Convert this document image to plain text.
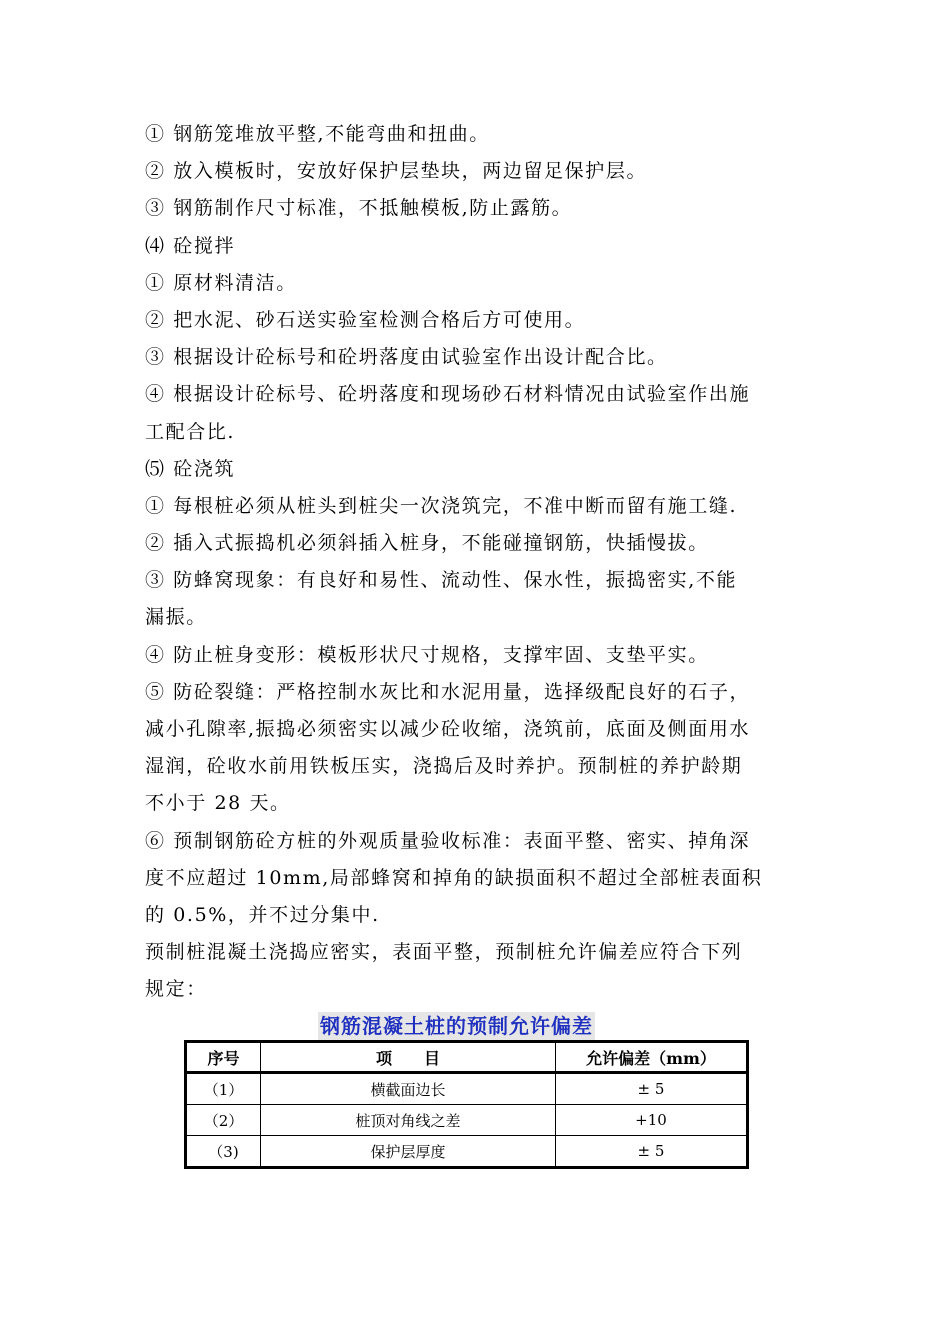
① 钢筋笼堆放平整,不能弯曲和扭曲。
② 放入模板时，安放好保护层垫块，两边留足保护层。
③ 钢筋制作尺寸标准，不抵触模板,防止露筋。
⑷ 砼搅拌
① 原材料清洁。
② 把水泥、砂石送实验室检测合格后方可使用。
③ 根据设计砼标号和砼坍落度由试验室作出设计配合比。
④ 根据设计砼标号、砼坍落度和现场砂石材料情况由试验室作出施
工配合比.
⑸ 砼浇筑
① 每根桩必须从桩头到桩尖一次浇筑完，不准中断而留有施工缝.
② 插入式振捣机必须斜插入桩身，不能碰撞钢筋，快插慢拔。
③ 防蜂窝现象：有良好和易性、流动性、保水性，振捣密实,不能
漏振。
④ 防止桩身变形：模板形状尺寸规格，支撑牢固、支垫平实。
⑤ 防砼裂缝：严格控制水灰比和水泥用量，选择级配良好的石子，
减小孔隙率,振捣必须密实以减少砼收缩，浇筑前，底面及侧面用水
湿润，砼收水前用铁板压实，浇捣后及时养护。预制桩的养护龄期
不小于 28 天。
⑥ 预制钢筋砼方桩的外观质量验收标准：表面平整、密实、掉角深
度不应超过 10mm,局部蜂窝和掉角的缺损面积不超过全部桩表面积
的 0.5%，并不过分集中.
预制桩混凝土浇捣应密实，表面平整，预制桩允许偏差应符合下列
规定：
钢筋混凝土桩的预制允许偏差
序号	项　　目	允许偏差（mm）
（1）	横截面边长	± 5
（2）	桩顶对角线之差	+10
（3)	保护层厚度	± 5
